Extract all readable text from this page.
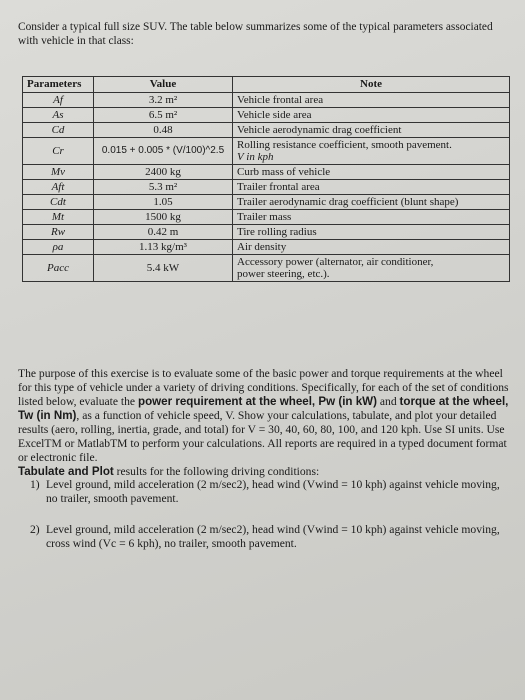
Consider a typical full size SUV. The table below summarizes some of the typical parameters associated with vehicle in that class:
Parameters	Value	Note
Af	3.2 m²	Vehicle frontal area
As	6.5 m²	Vehicle side area
Cd	0.48	Vehicle aerodynamic drag coefficient
Cr	0.015 + 0.005 * (V/100)^2.5	Rolling resistance coefficient, smooth pavement.
V in kph

Mv	2400 kg	Curb mass of vehicle
Aft	5.3 m²	Trailer frontal area
Cdt	1.05	Trailer aerodynamic drag coefficient (blunt shape)
Mt	1500 kg	Trailer mass
Rw	0.42 m	Tire rolling radius
ρa	1.13 kg/m³	Air density
Pacc	5.4 kW	Accessory power (alternator, air conditioner,
power steering, etc.).
The purpose of this exercise is to evaluate some of the basic power and torque requirements at the wheel for this type of vehicle under a variety of driving conditions. Specifically, for each of the set of conditions listed below, evaluate the power requirement at the wheel, Pw (in kW) and torque at the wheel, Tw (in Nm), as a function of vehicle speed, V. Show your calculations, tabulate, and plot your detailed results (aero, rolling, inertia, grade, and total) for V = 30, 40, 60, 80, 100, and 120 kph. Use SI units. Use ExcelTM or MatlabTM to perform your calculations. All reports are required in a typed document format or electronic file.
Tabulate and Plot results for the following driving conditions:
1) Level ground, mild acceleration (2 m/sec2), head wind (Vwind = 10 kph) against vehicle moving, no trailer, smooth pavement.
2) Level ground, mild acceleration (2 m/sec2), head wind (Vwind = 10 kph) against vehicle moving, cross wind (Vc = 6 kph), no trailer, smooth pavement.
